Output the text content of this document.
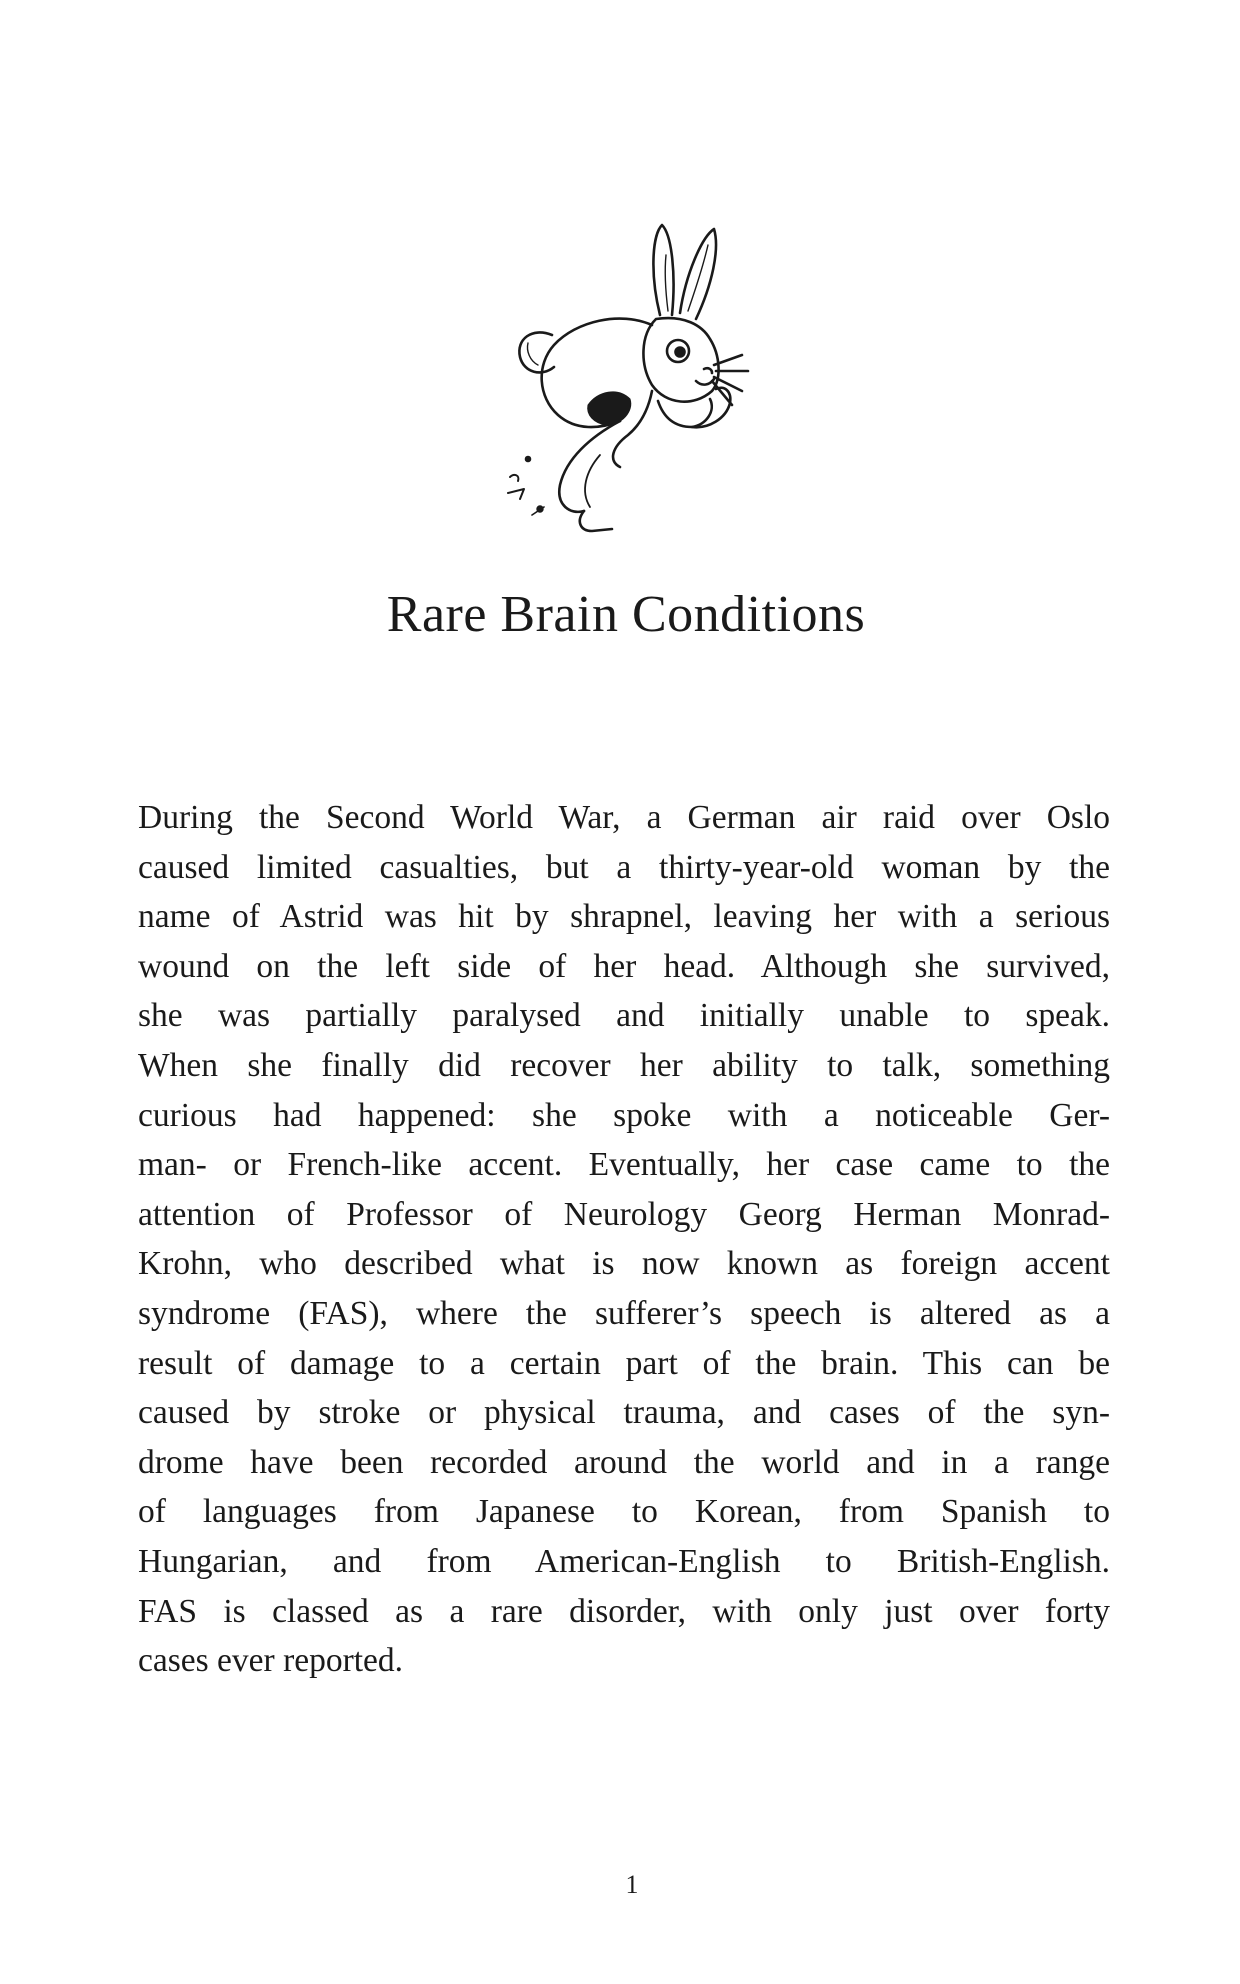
Rare Brain Conditions

During the Second World War, a German air raid over Oslo
caused limited casualties, but a thirty-year-old woman by the
name of Astrid was hit by shrapnel, leaving her with a serious
wound on the left side of her head. Although she survived,
she was partially paralysed and initially unable to speak.
When she finally did recover her ability to talk, something
curious had happened: she spoke with a noticeable Ger-
man- or French-like accent. Eventually, her case came to the
attention of Professor of Neurology Georg Herman Monrad-
Krohn, who described what is now known as foreign accent
syndrome (FAS), where the sufferer’s speech is altered as a
result of damage to a certain part of the brain. This can be
caused by stroke or physical trauma, and cases of the syn-
drome have been recorded around the world and in a range
of languages from Japanese to Korean, from Spanish to
Hungarian, and from American-English to British-English.
FAS is classed as a rare disorder, with only just over forty
cases ever reported.

1
